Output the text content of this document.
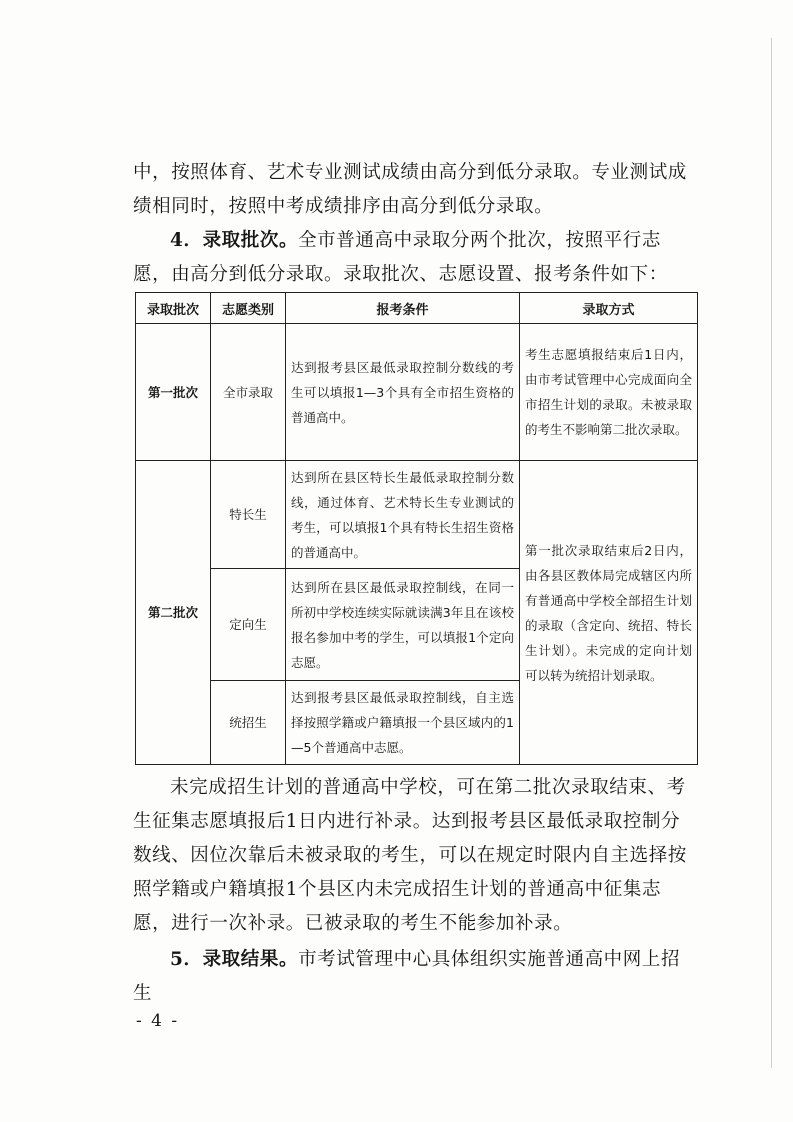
中，按照体育、艺术专业测试成绩由高分到低分录取。专业测试成
绩相同时，按照中考成绩排序由高分到低分录取。

4．录取批次。全市普通高中录取分两个批次，按照平行志愿，由高分到低分录取。录取批次、志愿设置、报考条件如下：

录取批次	志愿类别	报考条件	录取方式
第一批次	全市录取	达到报考县区最低录取控制分数线的考生可以填报1—3个具有全市招生资格的普通高中。	考生志愿填报结束后1日内，由市考试管理中心完成面向全市招生计划的录取。未被录取的考生不影响第二批次录取。
第二批次	特长生	达到所在县区特长生最低录取控制分数线，通过体育、艺术特长生专业测试的考生，可以填报1个具有特长生招生资格的普通高中。	第一批次录取结束后2日内，由各县区教体局完成辖区内所有普通高中学校全部招生计划的录取（含定向、统招、特长生计划）。未完成的定向计划可以转为统招计划录取。
	定向生	达到所在县区最低录取控制线，在同一所初中学校连续实际就读满3年且在该校报名参加中考的学生，可以填报1个定向志愿。	
	统招生	达到报考县区最低录取控制线，自主选择按照学籍或户籍填报一个县区域内的1—5个普通高中志愿。	

未完成招生计划的普通高中学校，可在第二批次录取结束、考生征集志愿填报后1日内进行补录。达到报考县区最低录取控制分数线、因位次靠后未被录取的考生，可以在规定时限内自主选择按照学籍或户籍填报1个县区内未完成招生计划的普通高中征集志愿，进行一次补录。已被录取的考生不能参加补录。

5．录取结果。市考试管理中心具体组织实施普通高中网上招生

- 4 -
